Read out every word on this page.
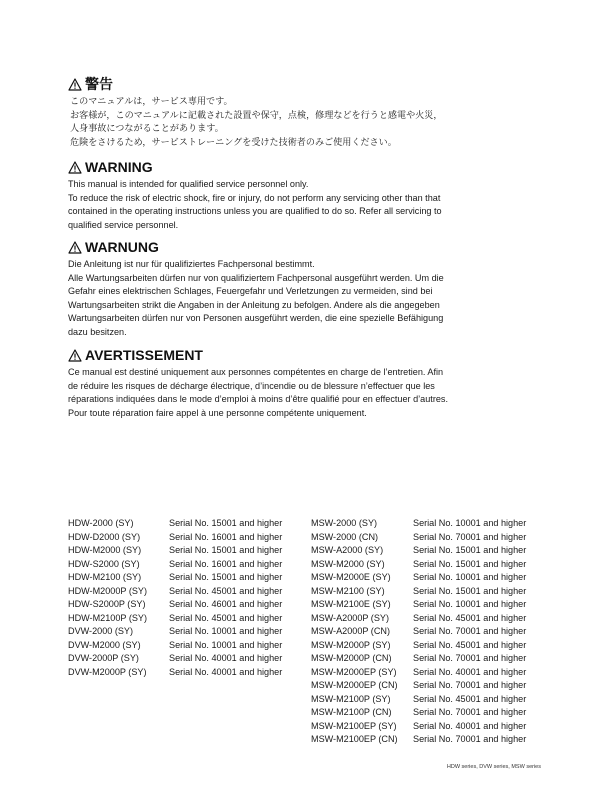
警告
このマニュアルは，サービス専用です。
お客様が，このマニュアルに記載された設置や保守，点検，修理などを行うと感電や火災，
人身事故につながることがあります。
危険をさけるため，サービストレーニングを受けた技術者のみご使用ください。
WARNING
This manual is intended for qualified service personnel only.
To reduce the risk of electric shock, fire or injury, do not perform any servicing other than that
contained in the operating instructions unless you are qualified to do so. Refer all servicing to
qualified service personnel.
WARNUNG
Die Anleitung ist nur für qualifiziertes Fachpersonal bestimmt.
Alle Wartungsarbeiten dürfen nur von qualifiziertem Fachpersonal ausgeführt werden. Um die
Gefahr eines elektrischen Schlages, Feuergefahr und Verletzungen zu vermeiden, sind bei
Wartungsarbeiten strikt die Angaben in der Anleitung zu befolgen. Andere als die angegeben
Wartungsarbeiten dürfen nur von Personen ausgeführt werden, die eine spezielle Befähigung
dazu besitzen.
AVERTISSEMENT
Ce manual est destiné uniquement aux personnes compétentes en charge de l’entretien. Afin
de réduire les risques de décharge électrique, d’incendie ou de blessure n’effectuer que les
réparations indiquées dans le mode d’emploi à moins d’être qualifié pour en effectuer d’autres.
Pour toute réparation faire appel à une personne compétente uniquement.
HDW-2000 (SY)	Serial No. 15001 and higher
HDW-D2000 (SY)	Serial No. 16001 and higher
HDW-M2000 (SY)	Serial No. 15001 and higher
HDW-S2000 (SY)	Serial No. 16001 and higher
HDW-M2100 (SY)	Serial No. 15001 and higher
HDW-M2000P (SY)	Serial No. 45001 and higher
HDW-S2000P (SY)	Serial No. 46001 and higher
HDW-M2100P (SY)	Serial No. 45001 and higher
DVW-2000 (SY)	Serial No. 10001 and higher
DVW-M2000 (SY)	Serial No. 10001 and higher
DVW-2000P (SY)	Serial No. 40001 and higher
DVW-M2000P (SY)	Serial No. 40001 and higher
MSW-2000 (SY)	Serial No. 10001 and higher
MSW-2000 (CN)	Serial No. 70001 and higher
MSW-A2000 (SY)	Serial No. 15001 and higher
MSW-M2000 (SY)	Serial No. 15001 and higher
MSW-M2000E (SY)	Serial No. 10001 and higher
MSW-M2100 (SY)	Serial No. 15001 and higher
MSW-M2100E (SY)	Serial No. 10001 and higher
MSW-A2000P (SY)	Serial No. 45001 and higher
MSW-A2000P (CN)	Serial No. 70001 and higher
MSW-M2000P (SY)	Serial No. 45001 and higher
MSW-M2000P (CN)	Serial No. 70001 and higher
MSW-M2000EP (SY)	Serial No. 40001 and higher
MSW-M2000EP (CN)	Serial No. 70001 and higher
MSW-M2100P (SY)	Serial No. 45001 and higher
MSW-M2100P (CN)	Serial No. 70001 and higher
MSW-M2100EP (SY)	Serial No. 40001 and higher
MSW-M2100EP (CN)	Serial No. 70001 and higher
HDW series, DVW series, MSW series
